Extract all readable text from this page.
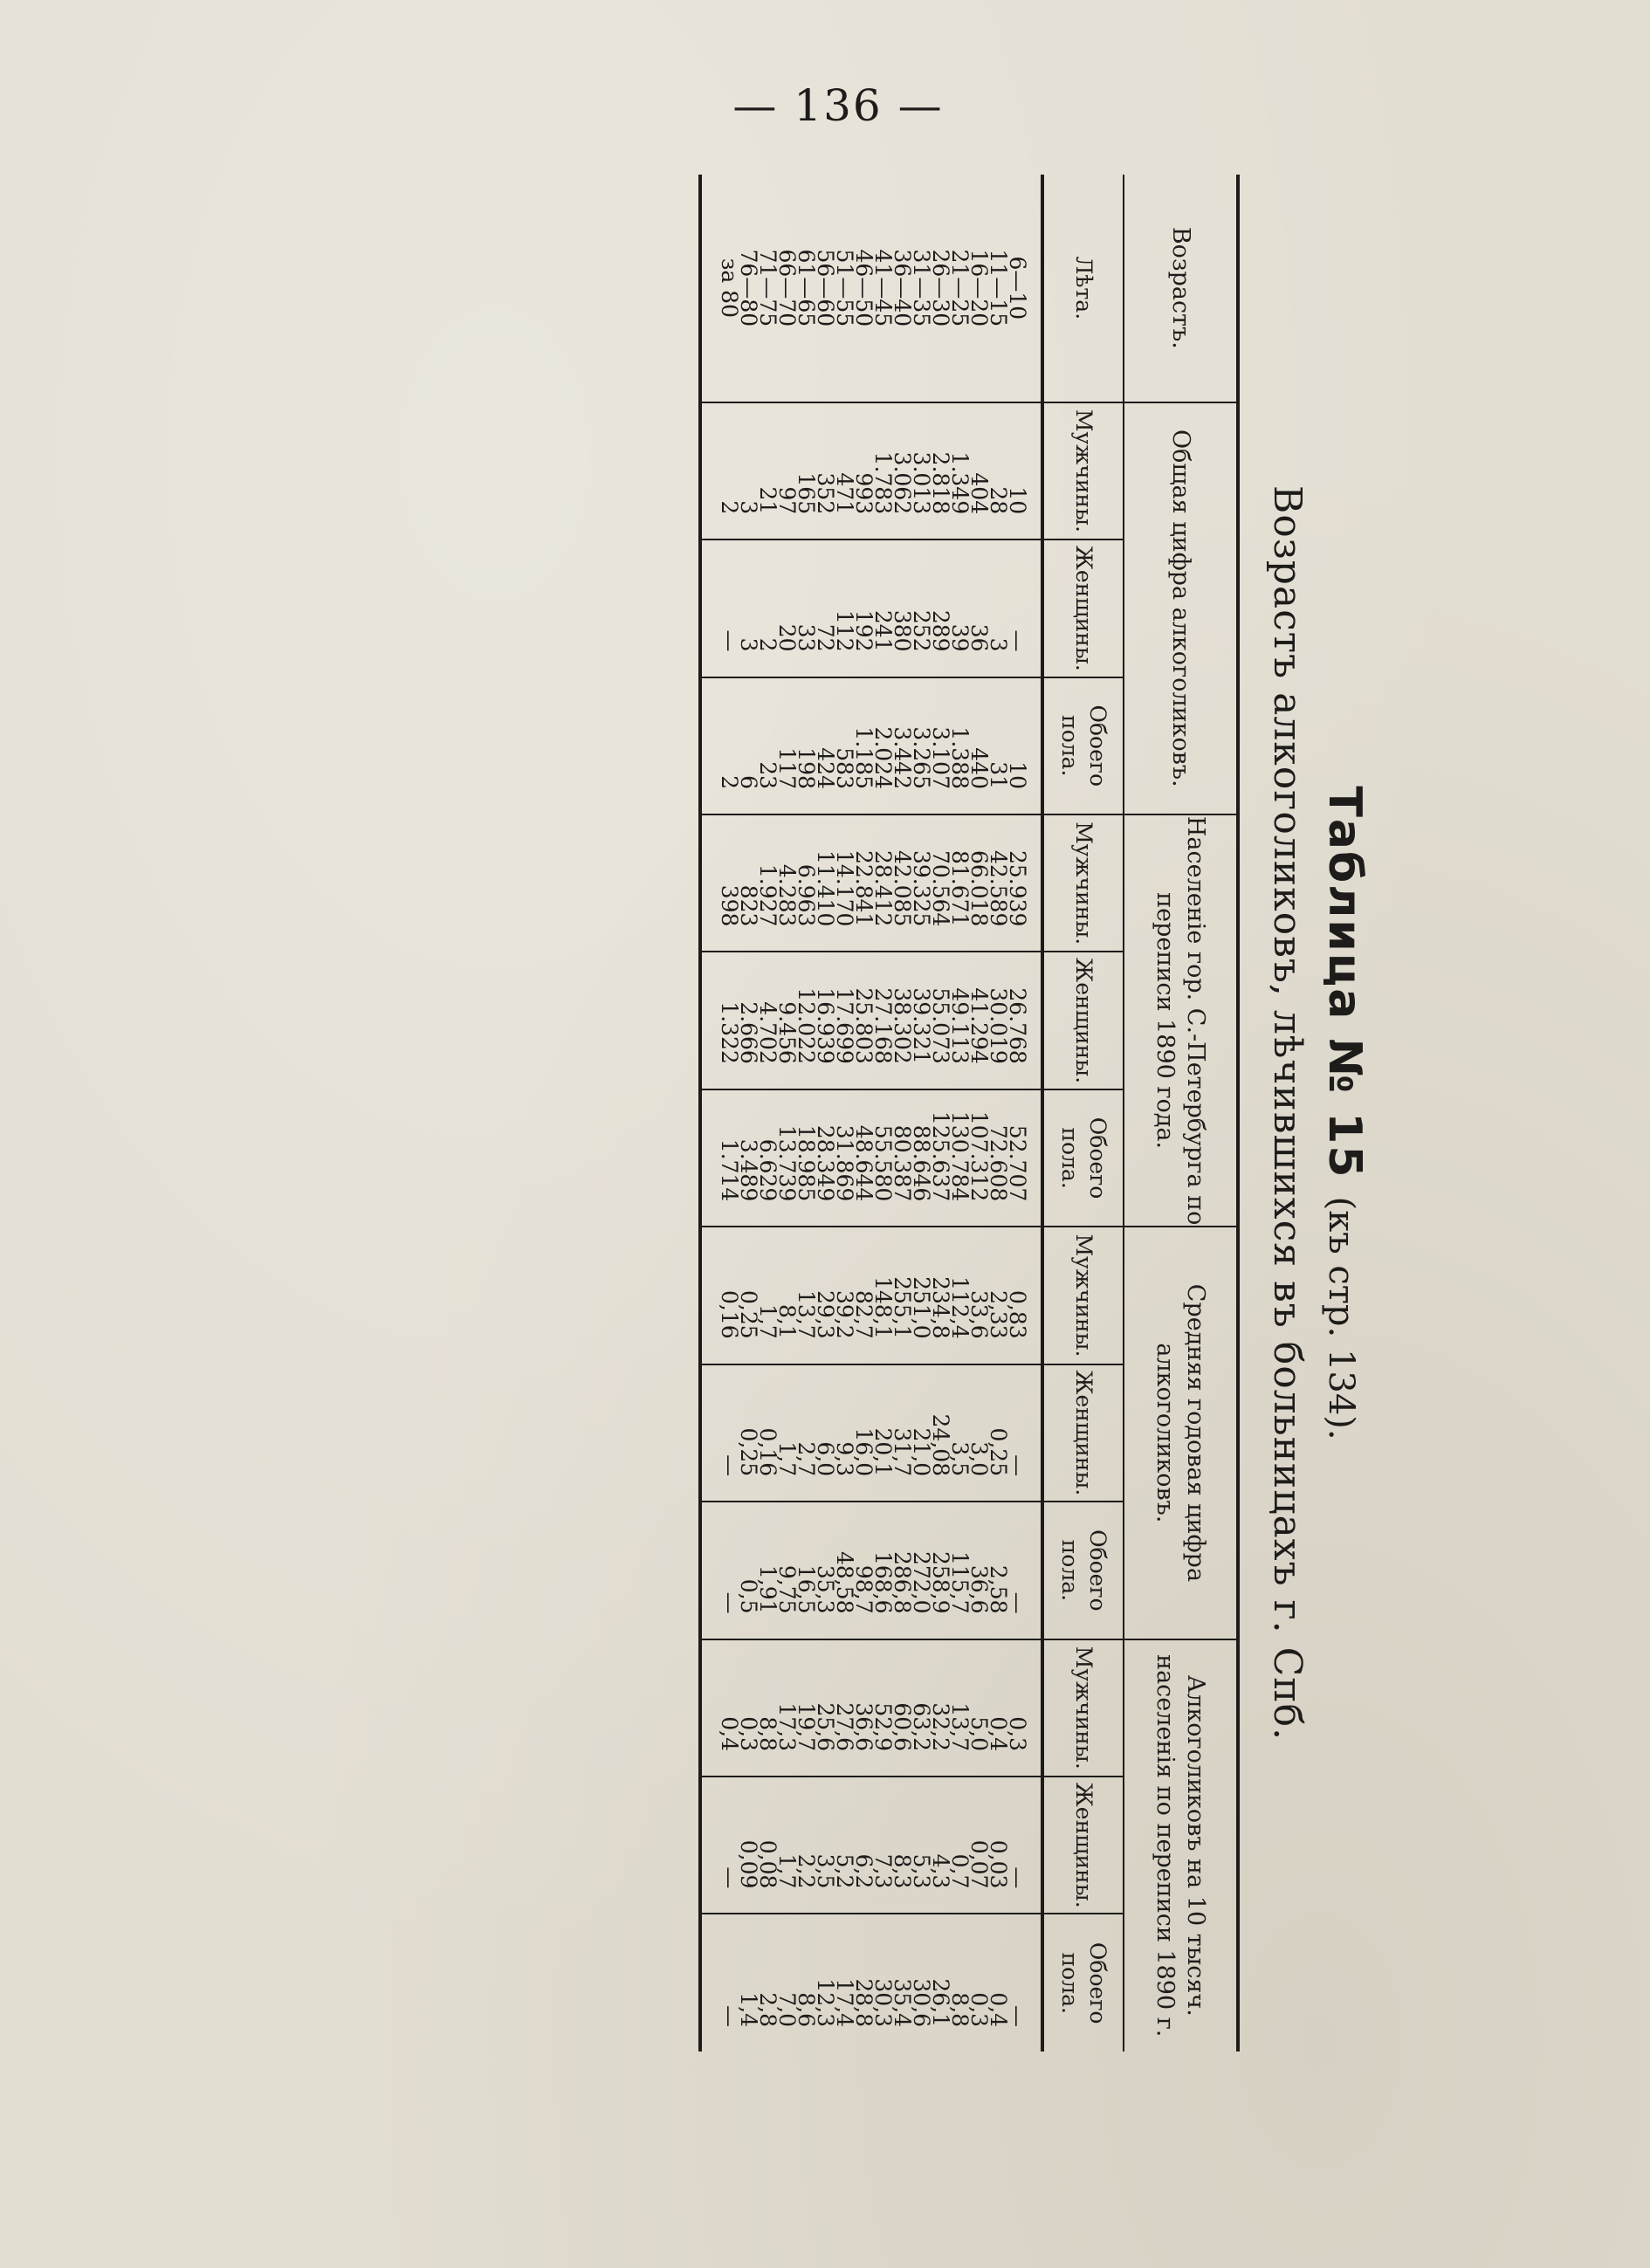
— 136 —
Таблица № 15 (къ стр. 134).
Возрастъ алкоголиковъ, лѣчившихся въ больницахъ г. Спб.
Возрастъ.	Общая цифра алкоголиковъ.			Населеніе гор. С.-Петербурга по переписи 1890 года.			Средняя годовая цифра алкоголиковъ.			Алкоголиковъ на 10 тысяч. населенія по переписи 1890 г.		
Лѣта.	Мужчины.	Женщины.	Обоего пола.	Мужчины.	Женщины.	Обоего пола.	Мужчины.	Женщины.	Обоего пола.	Мужчины.	Женщины.	Обоего пола.
6—10	10	—	10	25.939	26.768	52.707	0,83	—	—	0,3	—	—
11—15	28	3	31	42.589	30.019	72.608	2,33	0,25	2,58	0,4	0,03	0,4
16—20	404	36	440	66.018	41.294	107.312	33,6	3,0	36,6	5,0	0,07	0,3
21—25	1.349	39	1.388	81.671	49.113	130.784	112,4	3,5	115,7	13,7	0,7	8,8
26—30	2.818	289	3.107	70.564	55.073	125.637	234,8	24,08	258,9	32,2	4,3	26,1
31—35	3.013	252	3.265	39.325	39.321	88.646	251,0	21,0	272,0	63,2	5,3	30,6
36—40	3.062	380	3.442	42.085	38.302	80.387	255,1	31,7	286,8	60,6	8,3	35,4
41—45	1.783	241	2.024	28.412	27.168	55.580	148,1	20,1	168,6	52,9	7,3	30,3
46—50	993	192	1.185	22.841	25.803	48.644	82,7	16,0	98,7	36,6	6,2	28,8
51—55	471	112	583	14.170	17.699	31.869	39,2	9,3	48,58	27,6	5,2	17,4
56—60	352	72	424	11.410	16.939	28.349	29,3	6,0	35,3	25,6	3,5	12,3
61—65	165	33	198	6.963	12.022	18.985	13,7	2,7	16,5	19,7	2,2	8,6
66—70	97	20	117	4.283	9.456	13.739	8,1	1,7	9,75	17,3	1,7	7,0
71—75	21	2	23	1.927	4.702	6.629	1,7	0,16	1,91	8,8	0,08	2,8
76—80	3	3	6	823	2.666	3.489	0,25	0,25	0,5	0,3	0,09	1,4
за 80	2	—	2	398	1.322	1.714	0,16	—	—	0,4	—	—
